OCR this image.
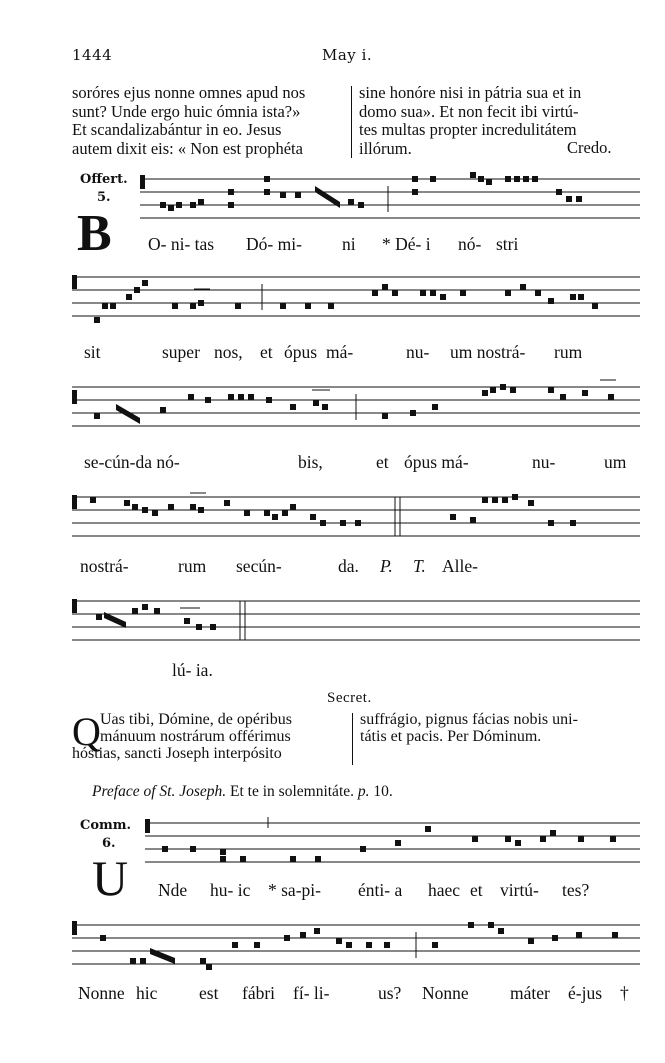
1444	May i.
soróres ejus nonne omnes apud nos
sunt? Unde ergo huic ómnia ista?»
Et scandalizabántur in eo. Jesus
autem dixit eis: « Non est prophéta
sine honóre nisi in pátria sua et in
domo sua». Et non fecit ibi virtú-
tes multas propter incredulitátem
illórum.	Credo.
Offert.
5.
B O- ni- tas Dó- mi- ni * Dé- i nó- stri
sit	super nos, et ópus má-	nu- um nostrá- rum
se-cún-da nó-	bis,	et ópus má-	nu-	um
nostrá-	rum secún-	da. P. T. Alle-
lú- ia.
Secret.
Q Uas tibi, Dómine, de opéribus
mánuum nostrárum offérimus
hóstias, sancti Joseph interpósito
suffrágio, pignus fácias nobis uni-
tátis et pacis. Per Dóminum.
Preface of St. Joseph. Et te in solemnitáte. p. 10.
Comm.
6.
U Nde hu- ic * sa-pi- énti- a haec et virtú- tes?
Nonne hic est fábri fí- li-	us? Nonne máter é-jus †
